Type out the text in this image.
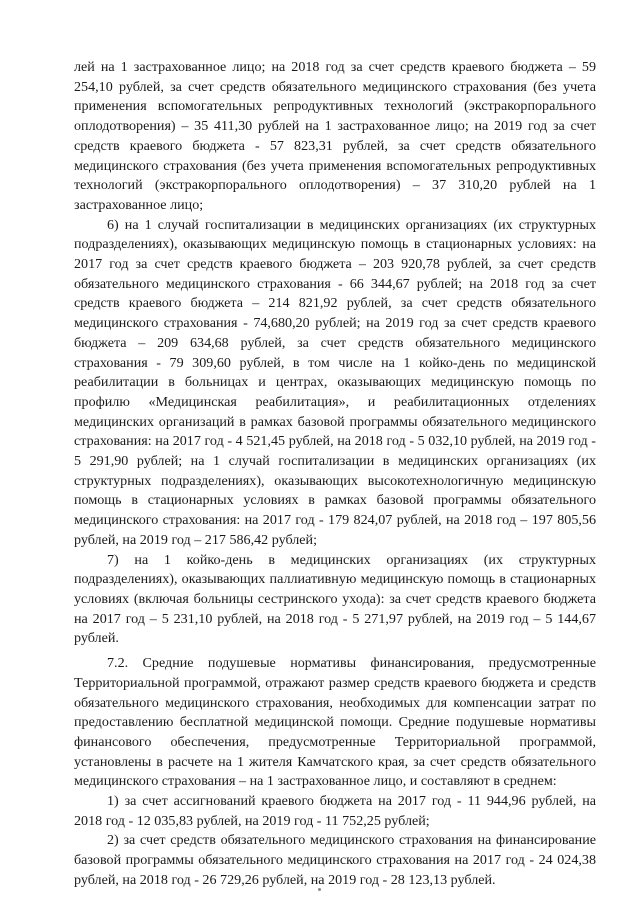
лей на 1 застрахованное лицо; на 2018 год за счет средств краевого бюджета – 59 254,10 рублей, за счет средств обязательного медицинского страхования (без учета применения вспомогательных репродуктивных технологий (экстракорпорального оплодотворения) – 35 411,30 рублей на 1 застрахованное лицо; на 2019 год за счет средств краевого бюджета - 57 823,31 рублей, за счет средств обязательного медицинского страхования (без учета применения вспомогательных репродуктивных технологий (экстракорпорального оплодотворения) – 37 310,20 рублей на 1 застрахованное лицо;

6) на 1 случай госпитализации в медицинских организациях (их структурных подразделениях), оказывающих медицинскую помощь в стационарных условиях: на 2017 год за счет средств краевого бюджета – 203 920,78 рублей, за счет средств обязательного медицинского страхования - 66 344,67 рублей; на 2018 год за счет средств краевого бюджета – 214 821,92 рублей, за счет средств обязательного медицинского страхования - 74,680,20 рублей; на 2019 год за счет средств краевого бюджета – 209 634,68 рублей, за счет средств обязательного медицинского страхования - 79 309,60 рублей, в том числе на 1 койко-день по медицинской реабилитации в больницах и центрах, оказывающих медицинскую помощь по профилю «Медицинская реабилитация», и реабилитационных отделениях медицинских организаций в рамках базовой программы обязательного медицинского страхования: на 2017 год - 4 521,45 рублей, на 2018 год - 5 032,10 рублей, на 2019 год - 5 291,90 рублей; на 1 случай госпитализации в медицинских организациях (их структурных подразделениях), оказывающих высокотехнологичную медицинскую помощь в стационарных условиях в рамках базовой программы обязательного медицинского страхования: на 2017 год - 179 824,07 рублей, на 2018 год – 197 805,56 рублей, на 2019 год – 217 586,42 рублей;

7) на 1 койко-день в медицинских организациях (их структурных подразделениях), оказывающих паллиативную медицинскую помощь в стационарных условиях (включая больницы сестринского ухода): за счет средств краевого бюджета на 2017 год – 5 231,10 рублей, на 2018 год - 5 271,97 рублей, на 2019 год – 5 144,67 рублей.

7.2. Средние подушевые нормативы финансирования, предусмотренные Территориальной программой, отражают размер средств краевого бюджета и средств обязательного медицинского страхования, необходимых для компенсации затрат по предоставлению бесплатной медицинской помощи. Средние подушевые нормативы финансового обеспечения, предусмотренные Территориальной программой, установлены в расчете на 1 жителя Камчатского края, за счет средств обязательного медицинского страхования – на 1 застрахованное лицо, и составляют в среднем:

1) за счет ассигнований краевого бюджета на 2017 год - 11 944,96 рублей, на 2018 год - 12 035,83 рублей, на 2019 год - 11 752,25 рублей;

2) за счет средств обязательного медицинского страхования на финансирование базовой программы обязательного медицинского страхования на 2017 год - 24 024,38 рублей, на 2018 год - 26 729,26 рублей, на 2019 год - 28 123,13 рублей.
